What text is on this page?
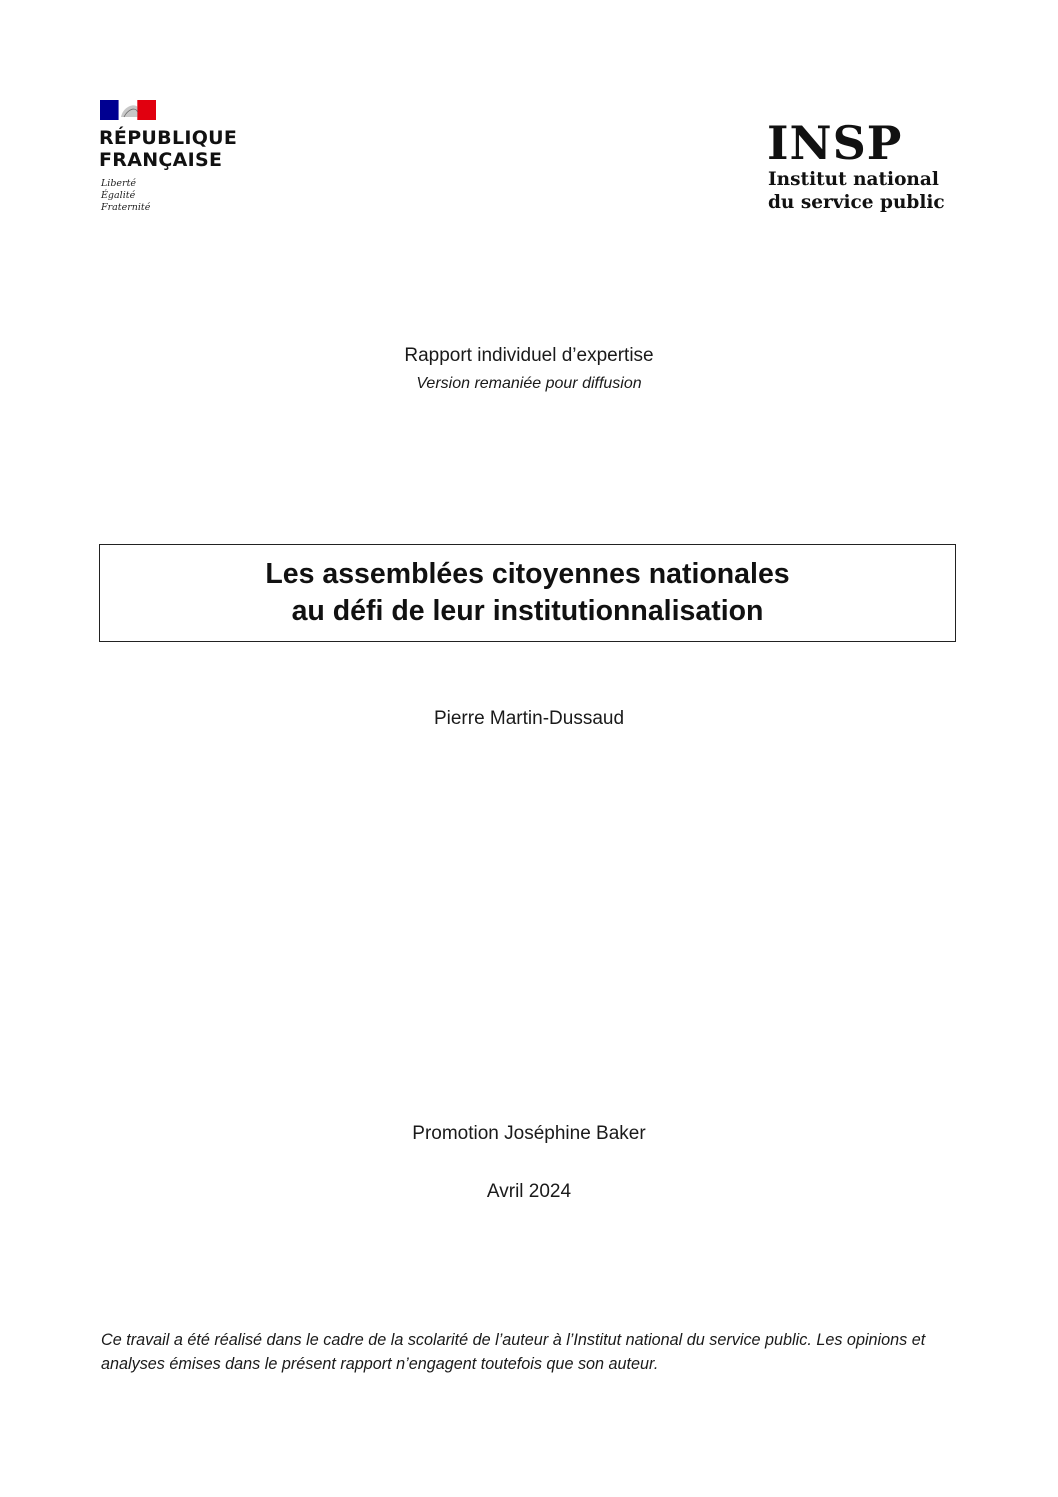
RÉPUBLIQUE
FRANÇAISE
Liberté
Égalité
Fraternité
INSP
Institut national
du service public
Rapport individuel d’expertise
Version remaniée pour diffusion
Les assemblées citoyennes nationales
au défi de leur institutionnalisation
Pierre Martin-Dussaud
Promotion Joséphine Baker
Avril 2024
Ce travail a été réalisé dans le cadre de la scolarité de l’auteur à l’Institut national du service public. Les opinions et analyses émises dans le présent rapport n’engagent toutefois que son auteur.
